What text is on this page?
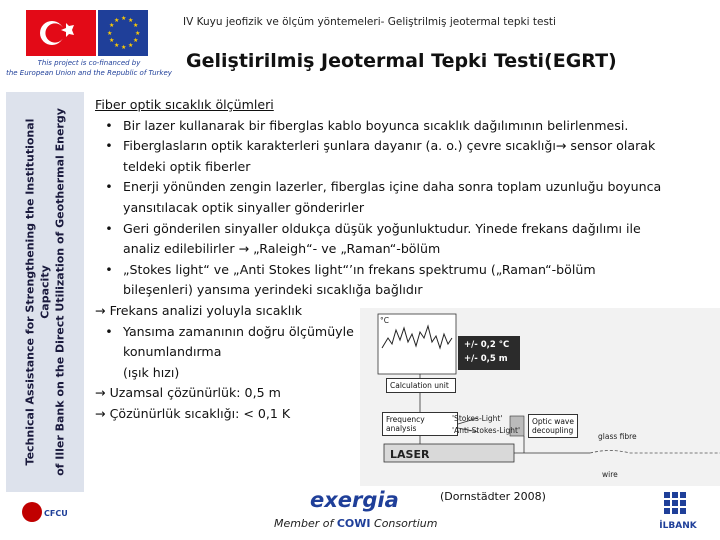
★ ★
★
★
★
★
★
★
★
★
★
★
This project is co-financed by
the European Union and the Republic of Turkey
IV Kuyu jeofizik ve ölçüm yöntemeleri- Geliştrilmiş jeotermal tepki testi
Geliştirilmiş Jeotermal Tepki Testi(EGRT)
Technical Assistance for Strengthening the Institutional Capacity of Iller Bank on the Direct Utilization of Geothermal Energy

Fiber optik sıcaklık ölçümleri

• Bir lazer kullanarak bir fiberglas kablo boyunca sıcaklık dağılımının belirlenmesi.

• Fiberglasların optik karakterleri şunlara dayanır (a. o.) çevre sıcaklığı→ sensor olarak

teldeki optik fiberler

• Enerji yönünden zengin lazerler, fiberglas içine daha sonra toplam uzunluğu boyunca

yansıtılacak optik sinyaller gönderirler

• Geri gönderilen sinyaller oldukça düşük yoğunluktudur. Yinede frekans dağılımı ile

analiz edilebilirler → „Raleigh“- ve „Raman“-bölüm

• „Stokes light“ ve „Anti Stokes light“’ın frekans spektrumu („Raman“-bölüm

bileşenleri) yansıma yerindeki sıcaklığa bağlıdır

→ Frekans analizi yoluyla sıcaklık

• Yansıma zamanının doğru ölçümüyle

konumlandırma

(ışık hızı)

→ Uzamsal çözünürlük: 0,5 m

→ Çözünürlük sıcaklığı: < 0,1 K

°C
+/- 0,2 °C
+/- 0,5 m
Calculation unit
Frequency analysis
'Stokes-Light'
'Anti-Stokes-Light'
Optic wave decoupling
LASER
glass fibre
wire
CFCU
exergia
Member of COWI Consortium
(Dornstädter 2008)
İLBANK
